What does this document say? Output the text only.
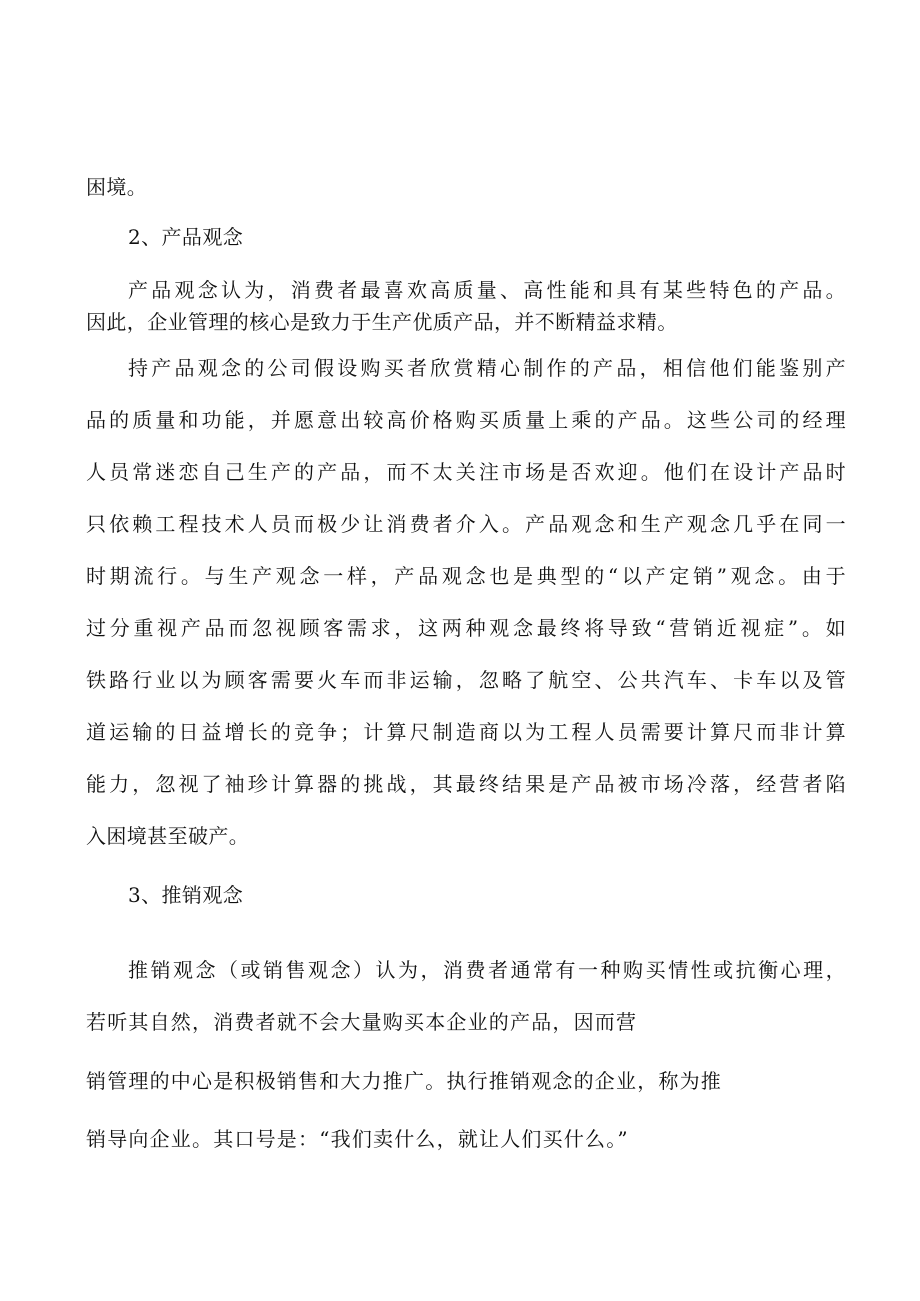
困境。
2、产品观念
产品观念认为，消费者最喜欢高质量、高性能和具有某些特色的产品。
因此，企业管理的核心是致力于生产优质产品，并不断精益求精。
持产品观念的公司假设购买者欣赏精心制作的产品，相信他们能鉴别产
品的质量和功能，并愿意出较高价格购买质量上乘的产品。这些公司的经理
人员常迷恋自己生产的产品，而不太关注市场是否欢迎。他们在设计产品时
只依赖工程技术人员而极少让消费者介入。产品观念和生产观念几乎在同一
时期流行。与生产观念一样，产品观念也是典型的“以产定销”观念。由于
过分重视产品而忽视顾客需求，这两种观念最终将导致“营销近视症”。如
铁路行业以为顾客需要火车而非运输，忽略了航空、公共汽车、卡车以及管
道运输的日益增长的竞争；计算尺制造商以为工程人员需要计算尺而非计算
能力，忽视了袖珍计算器的挑战，其最终结果是产品被市场冷落，经营者陷
入困境甚至破产。
3、推销观念
推销观念（或销售观念）认为，消费者通常有一种购买情性或抗衡心理，
若听其自然，消费者就不会大量购买本企业的产品，因而营
销管理的中心是积极销售和大力推广。执行推销观念的企业，称为推
销导向企业。其口号是：“我们卖什么，就让人们买什么。”
